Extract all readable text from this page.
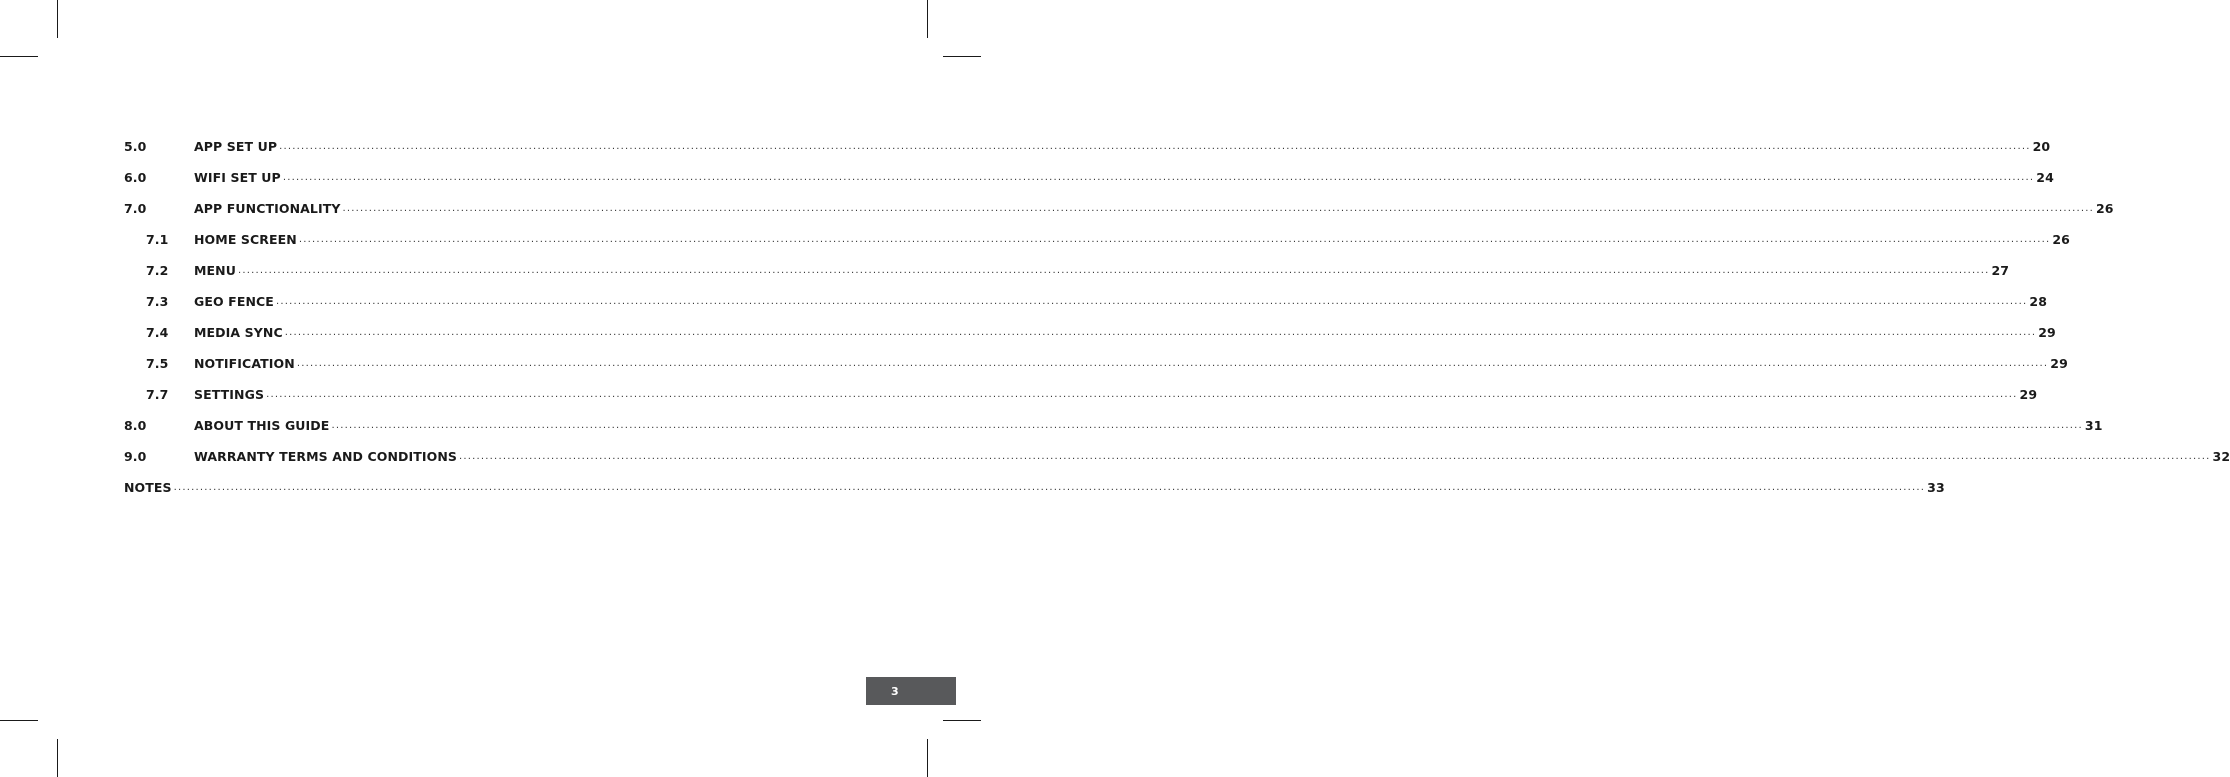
5.0	APP SET UP ................................................................................................................................................................................................................................................................................................................................................................................................................ 20
6.0	WIFI SET UP ................................................................................................................................................................................................................................................................................................................................................................................................................ 24
7.0	APP FUNCTIONALITY ................................................................................................................................................................................................................................................................................................................................................................................................................ 26
7.1	HOME SCREEN ................................................................................................................................................................................................................................................................................................................................................................................................................ 26
7.2	MENU ................................................................................................................................................................................................................................................................................................................................................................................................................ 27
7.3	GEO FENCE ................................................................................................................................................................................................................................................................................................................................................................................................................ 28
7.4	MEDIA SYNC ................................................................................................................................................................................................................................................................................................................................................................................................................ 29
7.5	NOTIFICATION ................................................................................................................................................................................................................................................................................................................................................................................................................ 29
7.7	SETTINGS ................................................................................................................................................................................................................................................................................................................................................................................................................ 29
8.0	ABOUT THIS GUIDE ................................................................................................................................................................................................................................................................................................................................................................................................................ 31
9.0	WARRANTY TERMS AND CONDITIONS ................................................................................................................................................................................................................................................................................................................................................................................................................ 32
NOTES ................................................................................................................................................................................................................................................................................................................................................................................................................ 33
3
